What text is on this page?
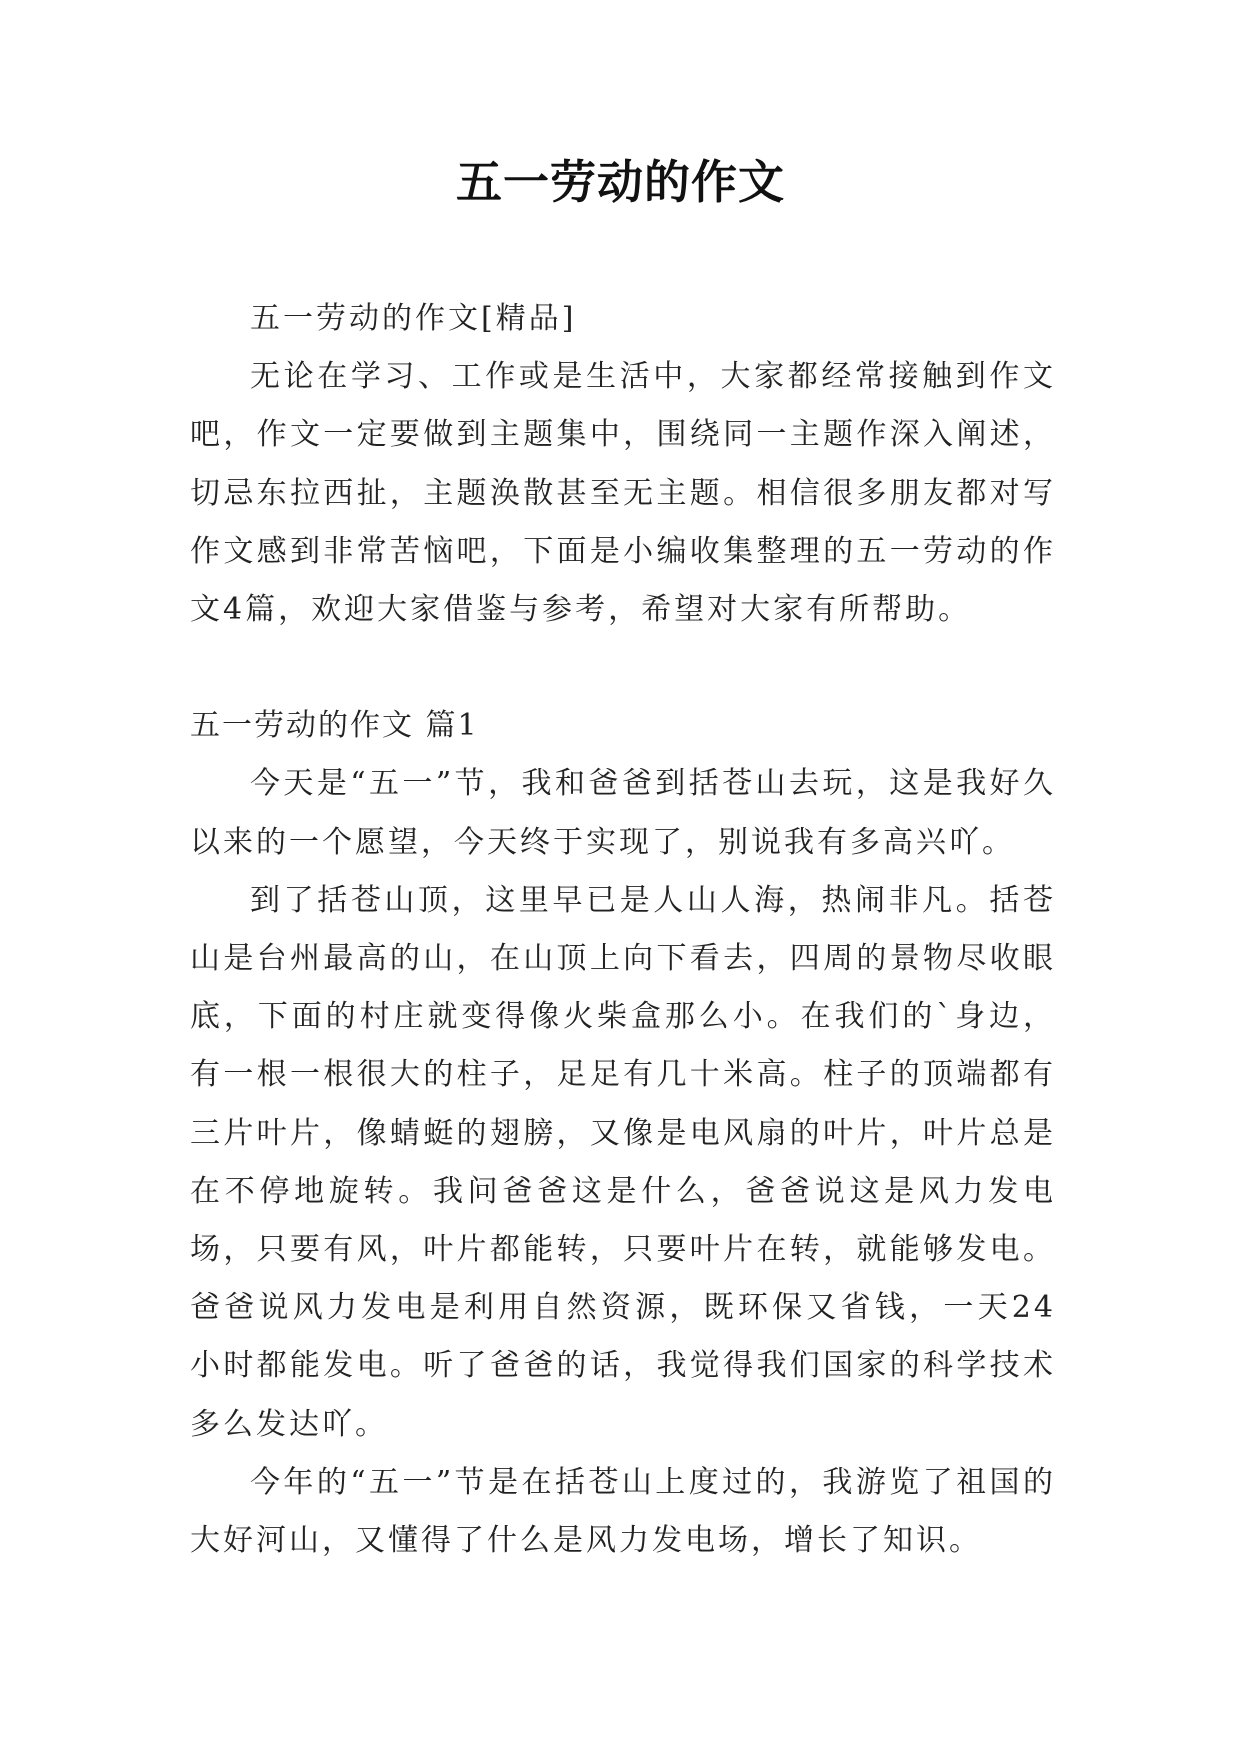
五一劳动的作文

五一劳动的作文[精品]

无论在学习、工作或是生活中，大家都经常接触到作文吧，作文一定要做到主题集中，围绕同一主题作深入阐述，切忌东拉西扯，主题涣散甚至无主题。相信很多朋友都对写作文感到非常苦恼吧，下面是小编收集整理的五一劳动的作文4篇，欢迎大家借鉴与参考，希望对大家有所帮助。

五一劳动的作文 篇1

今天是“五一”节，我和爸爸到括苍山去玩，这是我好久以来的一个愿望，今天终于实现了，别说我有多高兴吖。

到了括苍山顶，这里早已是人山人海，热闹非凡。括苍山是台州最高的山，在山顶上向下看去，四周的景物尽收眼底，下面的村庄就变得像火柴盒那么小。在我们的`身边，有一根一根很大的柱子，足足有几十米高。柱子的顶端都有三片叶片，像蜻蜓的翅膀，又像是电风扇的叶片，叶片总是在不停地旋转。我问爸爸这是什么，爸爸说这是风力发电场，只要有风，叶片都能转，只要叶片在转，就能够发电。爸爸说风力发电是利用自然资源，既环保又省钱，一天24小时都能发电。听了爸爸的话，我觉得我们国家的科学技术多么发达吖。

今年的“五一”节是在括苍山上度过的，我游览了祖国的大好河山，又懂得了什么是风力发电场，增长了知识。
